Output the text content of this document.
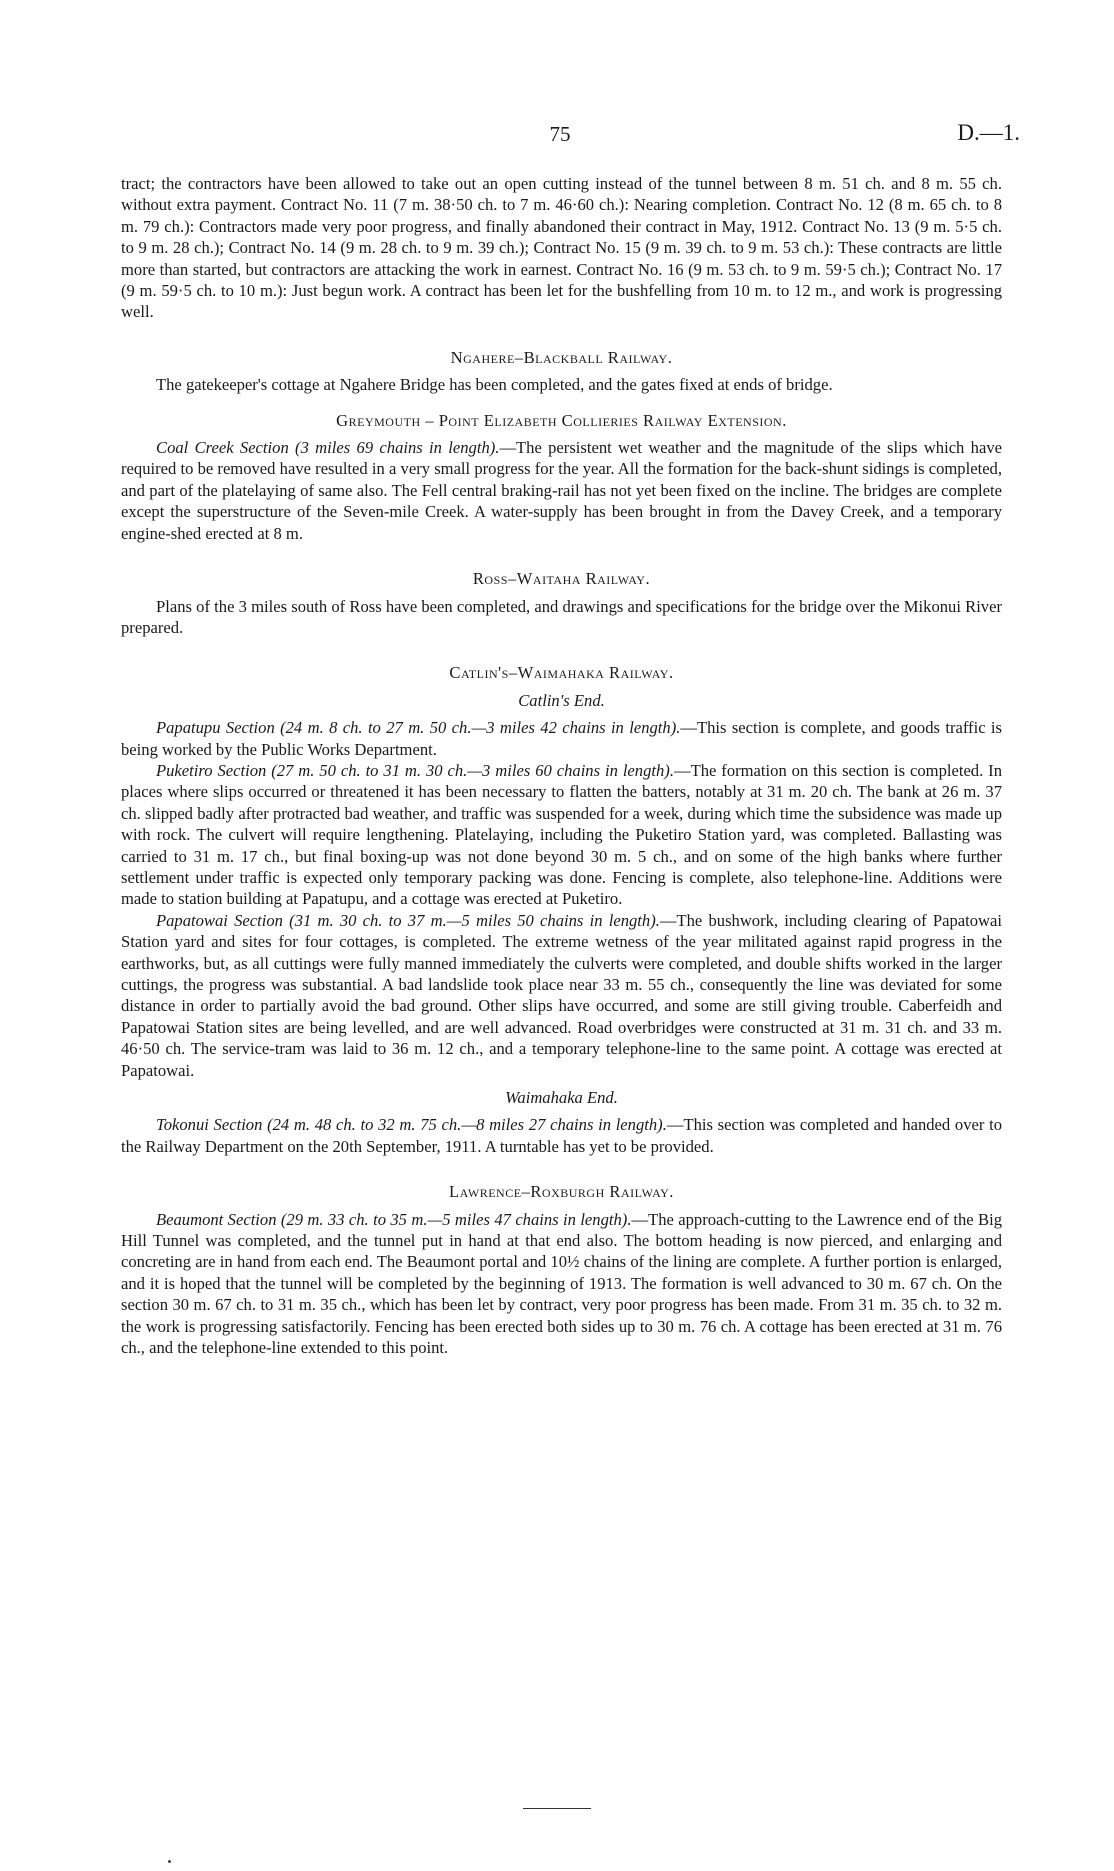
75	D.—1.

tract; the contractors have been allowed to take out an open cutting instead of the tunnel between 8 m. 51 ch. and 8 m. 55 ch. without extra payment. Contract No. 11 (7 m. 38·50 ch. to 7 m. 46·60 ch.): Nearing completion. Contract No. 12 (8 m. 65 ch. to 8 m. 79 ch.): Contractors made very poor progress, and finally abandoned their contract in May, 1912. Contract No. 13 (9 m. 5·5 ch. to 9 m. 28 ch.); Contract No. 14 (9 m. 28 ch. to 9 m. 39 ch.); Contract No. 15 (9 m. 39 ch. to 9 m. 53 ch.): These contracts are little more than started, but contractors are attacking the work in earnest. Contract No. 16 (9 m. 53 ch. to 9 m. 59·5 ch.); Contract No. 17 (9 m. 59·5 ch. to 10 m.): Just begun work. A contract has been let for the bushfelling from 10 m. to 12 m., and work is progressing well.

Ngahere–Blackball Railway.

The gatekeeper's cottage at Ngahere Bridge has been completed, and the gates fixed at ends of bridge.

Greymouth – Point Elizabeth Collieries Railway Extension.

Coal Creek Section (3 miles 69 chains in length).—The persistent wet weather and the magnitude of the slips which have required to be removed have resulted in a very small progress for the year. All the formation for the back-shunt sidings is completed, and part of the platelaying of same also. The Fell central braking-rail has not yet been fixed on the incline. The bridges are complete except the superstructure of the Seven-mile Creek. A water-supply has been brought in from the Davey Creek, and a temporary engine-shed erected at 8 m.

Ross–Waitaha Railway.

Plans of the 3 miles south of Ross have been completed, and drawings and specifications for the bridge over the Mikonui River prepared.

Catlin's–Waimahaka Railway.
Catlin's End.

Papatupu Section (24 m. 8 ch. to 27 m. 50 ch.—3 miles 42 chains in length).—This section is complete, and goods traffic is being worked by the Public Works Department.

Puketiro Section (27 m. 50 ch. to 31 m. 30 ch.—3 miles 60 chains in length).—The formation on this section is completed. In places where slips occurred or threatened it has been necessary to flatten the batters, notably at 31 m. 20 ch. The bank at 26 m. 37 ch. slipped badly after protracted bad weather, and traffic was suspended for a week, during which time the subsidence was made up with rock. The culvert will require lengthening. Platelaying, including the Puketiro Station yard, was completed. Ballasting was carried to 31 m. 17 ch., but final boxing-up was not done beyond 30 m. 5 ch., and on some of the high banks where further settlement under traffic is expected only temporary packing was done. Fencing is complete, also telephone-line. Additions were made to station building at Papatupu, and a cottage was erected at Puketiro.

Papatowai Section (31 m. 30 ch. to 37 m.—5 miles 50 chains in length).—The bushwork, including clearing of Papatowai Station yard and sites for four cottages, is completed. The extreme wetness of the year militated against rapid progress in the earthworks, but, as all cuttings were fully manned immediately the culverts were completed, and double shifts worked in the larger cuttings, the progress was substantial. A bad landslide took place near 33 m. 55 ch., consequently the line was deviated for some distance in order to partially avoid the bad ground. Other slips have occurred, and some are still giving trouble. Caberfeidh and Papatowai Station sites are being levelled, and are well advanced. Road overbridges were constructed at 31 m. 31 ch. and 33 m. 46·50 ch. The service-tram was laid to 36 m. 12 ch., and a temporary telephone-line to the same point. A cottage was erected at Papatowai.

Waimahaka End.

Tokonui Section (24 m. 48 ch. to 32 m. 75 ch.—8 miles 27 chains in length).—This section was completed and handed over to the Railway Department on the 20th September, 1911. A turntable has yet to be provided.

Lawrence–Roxburgh Railway.

Beaumont Section (29 m. 33 ch. to 35 m.—5 miles 47 chains in length).—The approach-cutting to the Lawrence end of the Big Hill Tunnel was completed, and the tunnel put in hand at that end also. The bottom heading is now pierced, and enlarging and concreting are in hand from each end. The Beaumont portal and 10½ chains of the lining are complete. A further portion is enlarged, and it is hoped that the tunnel will be completed by the beginning of 1913. The formation is well advanced to 30 m. 67 ch. On the section 30 m. 67 ch. to 31 m. 35 ch., which has been let by contract, very poor progress has been made. From 31 m. 35 ch. to 32 m. the work is progressing satisfactorily. Fencing has been erected both sides up to 30 m. 76 ch. A cottage has been erected at 31 m. 76 ch., and the telephone-line extended to this point.
